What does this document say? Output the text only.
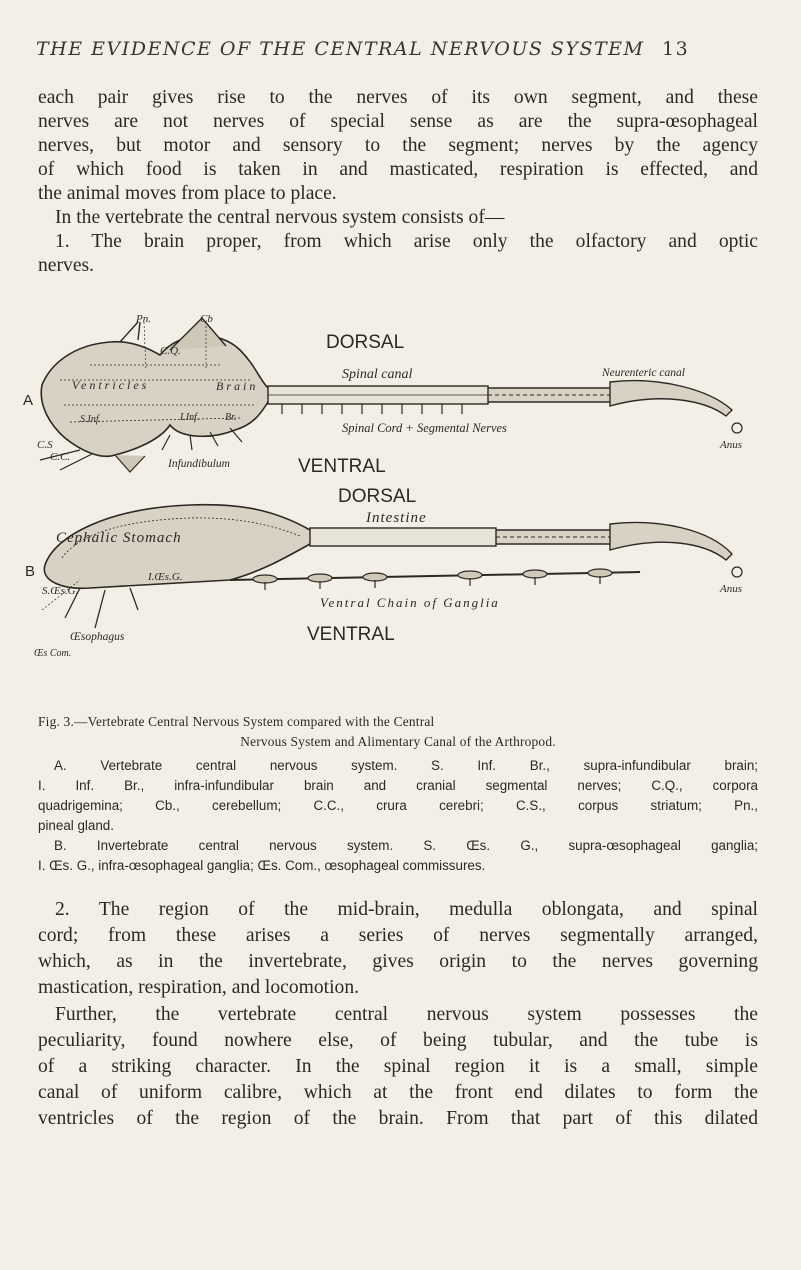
THE EVIDENCE OF THE CENTRAL NERVOUS SYSTEM 13
each pair gives rise to the nerves of its own segment, and these
nerves are not nerves of special sense as are the supra-œsophageal
nerves, but motor and sensory to the segment; nerves by the agency
of which food is taken in and masticated, respiration is effected, and
the animal moves from place to place.
In the vertebrate the central nervous system consists of—
1. The brain proper, from which arise only the olfactory and optic
nerves.
A
DORSAL
Spinal canal	Neurenteric canal
Ventricles	Brain
Spinal Cord + Segmental Nerves
Anus
Infundibulum	VENTRAL
Pn.
C.Q.
Cb
C.S
C.C.
S.Inf.	I.Inf.	Br.
B
DORSAL
Cephalic Stomach
Intestine
Ventral Chain of Ganglia
Anus
Œsophagus
Œs Com.
VENTRAL
S.Œs.G.
I.Œs.G.
Fig. 3.—Vertebrate Central Nervous System compared with the Central
Nervous System and Alimentary Canal of the Arthropod.
A. Vertebrate central nervous system. S. Inf. Br., supra-infundibular brain;
I. Inf. Br., infra-infundibular brain and cranial segmental nerves; C.Q., corpora
quadrigemina; Cb., cerebellum; C.C., crura cerebri; C.S., corpus striatum; Pn.,
pineal gland.
B. Invertebrate central nervous system. S. Œs. G., supra-œsophageal ganglia;
I. Œs. G., infra-œsophageal ganglia; Œs. Com., œsophageal commissures.
2. The region of the mid-brain, medulla oblongata, and spinal
cord; from these arises a series of nerves segmentally arranged,
which, as in the invertebrate, gives origin to the nerves governing
mastication, respiration, and locomotion.
Further, the vertebrate central nervous system possesses the
peculiarity, found nowhere else, of being tubular, and the tube is
of a striking character. In the spinal region it is a small, simple
canal of uniform calibre, which at the front end dilates to form the
ventricles of the region of the brain. From that part of this dilated
